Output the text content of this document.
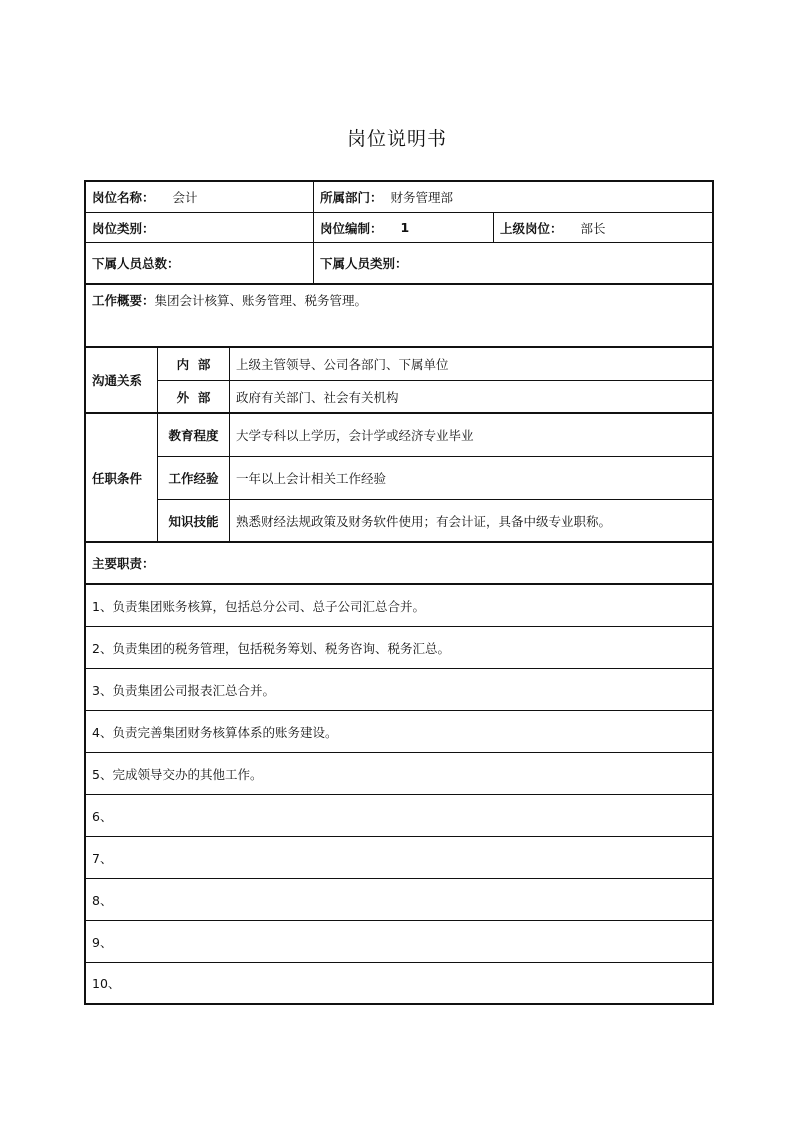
岗位说明书
岗位名称： 会计	所属部门： 财务管理部
岗位类别：	岗位编制： 1	上级岗位： 部长
下属人员总数：	下属人员类别：
工作概要： 集团会计核算、账务管理、税务管理。
沟通关系
内  部	上级主管领导、公司各部门、下属单位
外  部	政府有关部门、社会有关机构
任职条件
教育程度	大学专科以上学历，会计学或经济专业毕业
工作经验	一年以上会计相关工作经验
知识技能	熟悉财经法规政策及财务软件使用；有会计证，具备中级专业职称。
主要职责：
1、负责集团账务核算，包括总分公司、总子公司汇总合并。
2、负责集团的税务管理，包括税务筹划、税务咨询、税务汇总。
3、负责集团公司报表汇总合并。
4、负责完善集团财务核算体系的账务建设。
5、完成领导交办的其他工作。
6、
7、
8、
9、
10、
